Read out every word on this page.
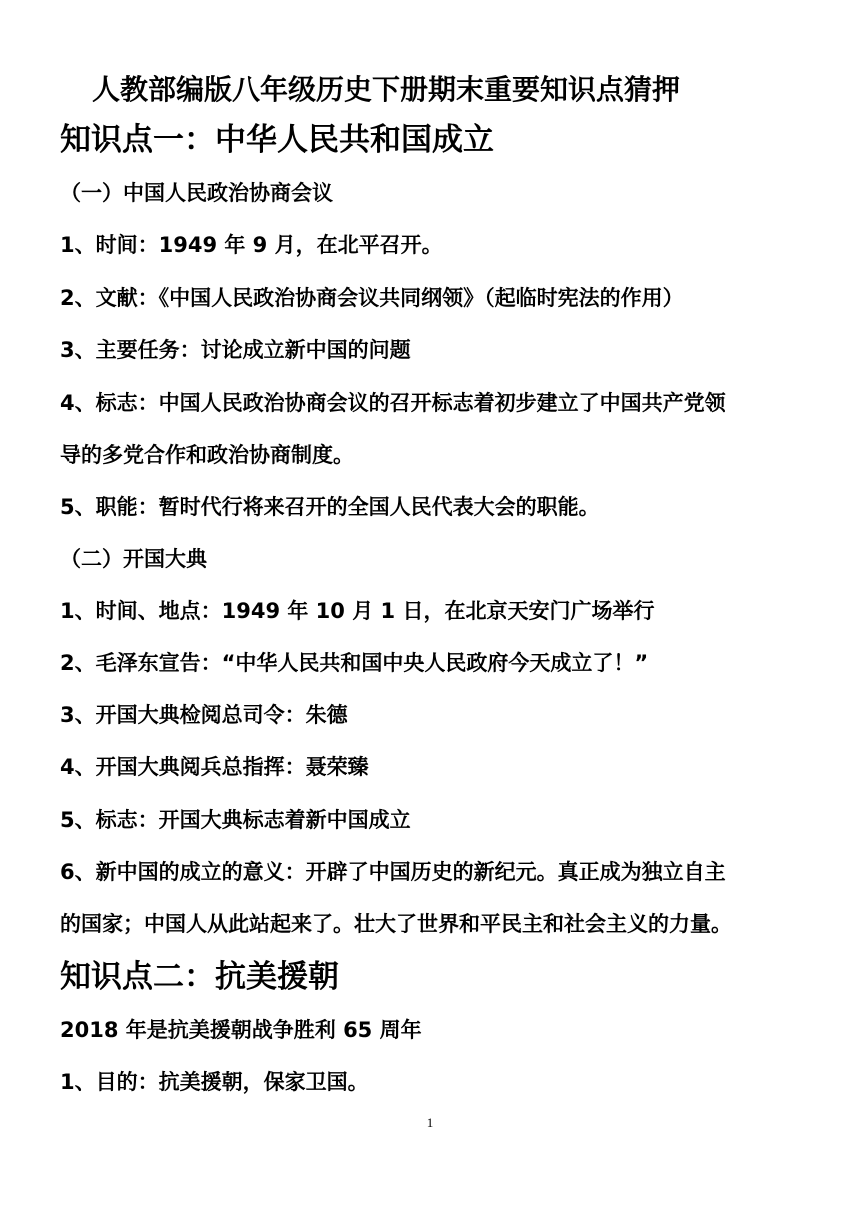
人教部编版八年级历史下册期末重要知识点猜押
知识点一：中华人民共和国成立
（一）中国人民政治协商会议
1、时间：1949 年 9 月，在北平召开。
2、文献：《中国人民政治协商会议共同纲领》（起临时宪法的作用）
3、主要任务：讨论成立新中国的问题
4、标志：中国人民政治协商会议的召开标志着初步建立了中国共产党领
导的多党合作和政治协商制度。
5、职能：暂时代行将来召开的全国人民代表大会的职能。
（二）开国大典
1、时间、地点：1949 年 10 月 1 日，在北京天安门广场举行
2、毛泽东宣告：“中华人民共和国中央人民政府今天成立了！”
3、开国大典检阅总司令：朱德
4、开国大典阅兵总指挥：聂荣臻
5、标志：开国大典标志着新中国成立
6、新中国的成立的意义：开辟了中国历史的新纪元。真正成为独立自主
的国家；中国人从此站起来了。壮大了世界和平民主和社会主义的力量。
知识点二：抗美援朝
2018 年是抗美援朝战争胜利 65 周年
1、目的：抗美援朝，保家卫国。
1
